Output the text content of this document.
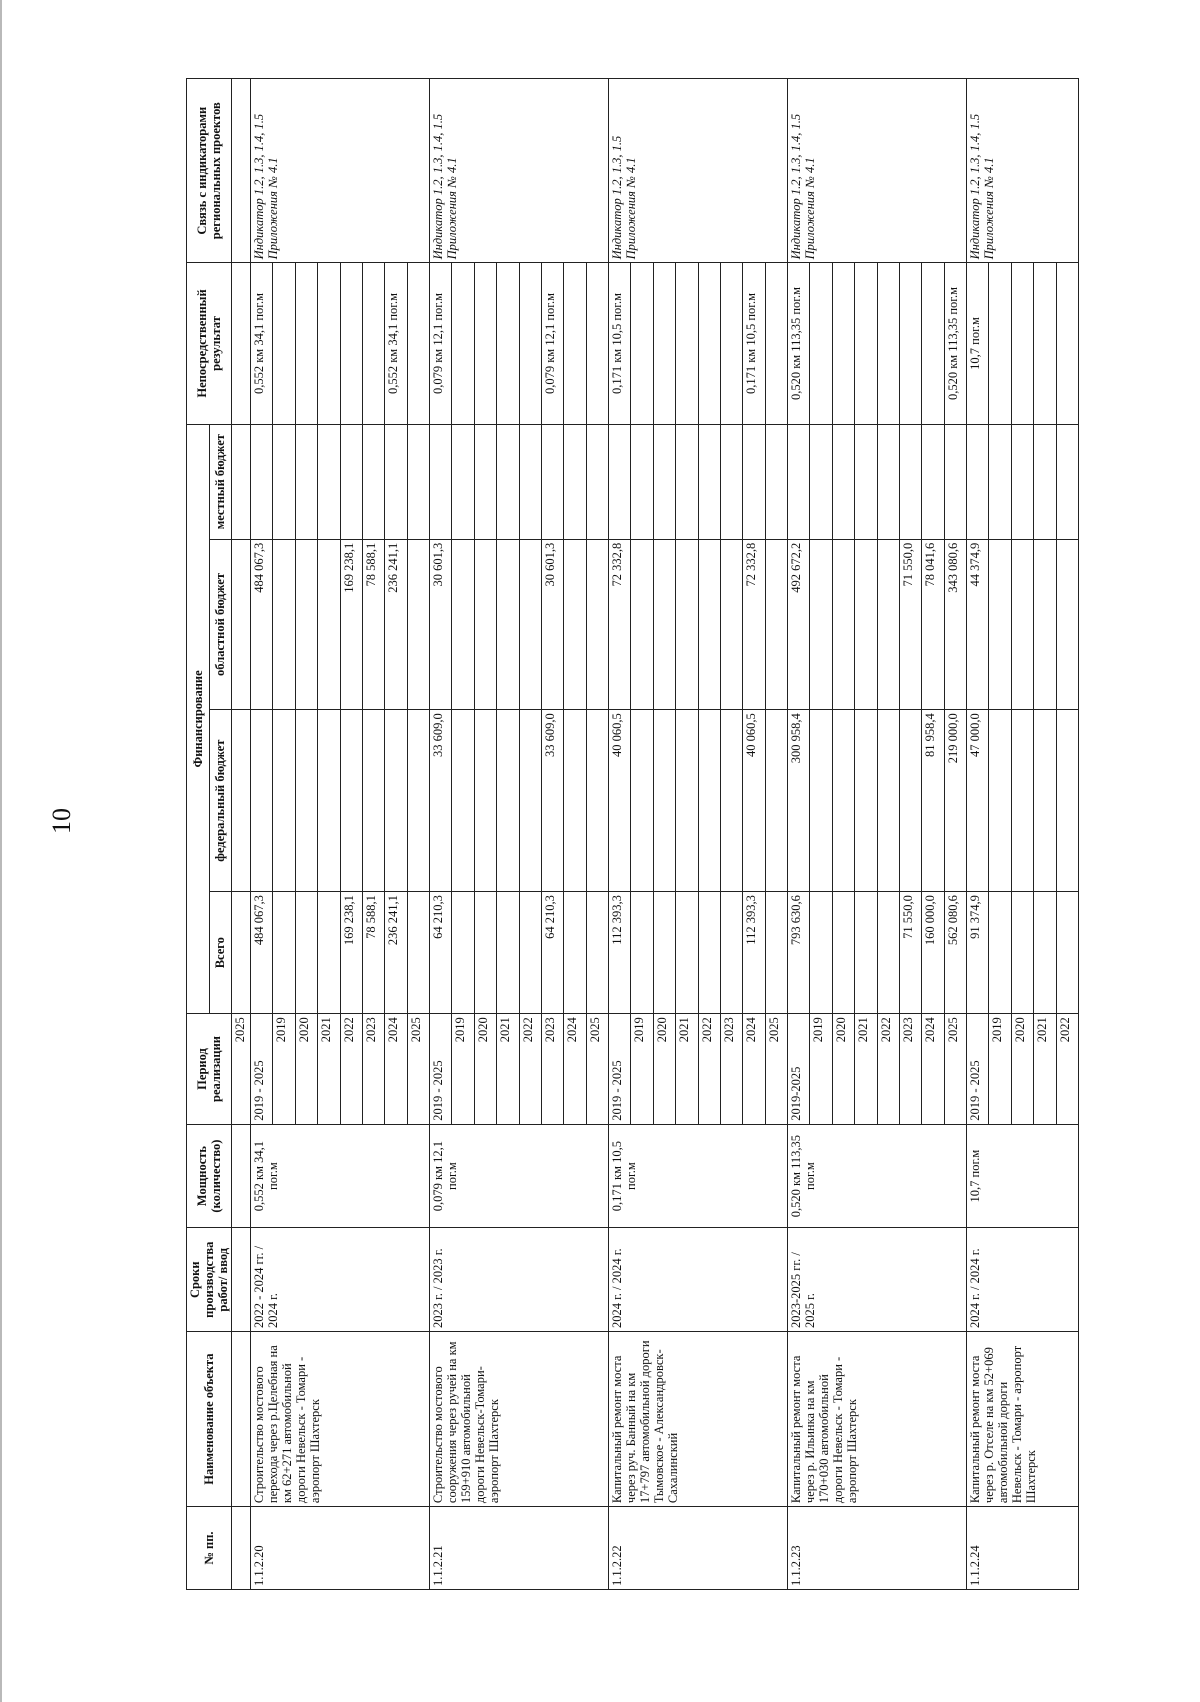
10
№ пп.	Наименование объекта	Сроки производства работ/ ввод	Мощность (количество)	Период реализации	Финансирование				Непосредственный результат	Связь с индикаторами региональных проектов
					Всего	федеральный бюджет	областной бюджет	местный бюджет		
				2025						
1.1.2.20	Строительство мостового перехода через р.Целебная на км 62+271 автомобильной дороги Невельск - Томари - аэропорт Шахтерск	2022 - 2024 гг. / 2024 г.	0,552 км 34,1 пог.м	2019 - 2025	484 067,3		484 067,3		0,552 км 34,1 пог.м	Индикатор 1.2, 1.3, 1.4, 1.5 Приложения № 4.1
				2019						
				2020						
				2021						
				2022	169 238,1		169 238,1			
				2023	78 588,1		78 588,1			
				2024	236 241,1		236 241,1		0,552 км 34,1 пог.м	
				2025						
1.1.2.21	Строительство мостового сооружения через ручей на км 159+910 автомобильной дороги Невельск-Томари-аэропорт Шахтерск	2023 г. / 2023 г.	0,079 км 12,1 пог.м	2019 - 2025	64 210,3	33 609,0	30 601,3		0,079 км 12,1 пог.м	Индикатор 1.2, 1.3, 1.4, 1.5 Приложения № 4.1
				2019						
				2020						
				2021						
				2022						
				2023	64 210,3	33 609,0	30 601,3		0,079 км 12,1 пог.м	
				2024						
				2025						
1.1.2.22	Капитальный ремонт моста через руч. Банный на км 17+797 автомобильной дороги Тымовское - Александровск-Сахалинский	2024 г. / 2024 г.	0,171 км 10,5 пог.м	2019 - 2025	112 393,3	40 060,5	72 332,8		0,171 км 10,5 пог.м	Индикатор 1.2, 1.3, 1.5 Приложения № 4.1
				2019						
				2020						
				2021						
				2022						
				2023						
				2024	112 393,3	40 060,5	72 332,8		0,171 км 10,5 пог.м	
				2025						
1.1.2.23	Капитальный ремонт моста через р. Ильинка на км 170+030 автомобильной дороги Невельск - Томари - аэропорт Шахтерск	2023-2025 гг. / 2025 г.	0,520 км 113,35 пог.м	2019-2025	793 630,6	300 958,4	492 672,2		0,520 км 113,35 пог.м	Индикатор 1.2, 1.3, 1.4, 1.5 Приложения № 4.1
				2019						
				2020						
				2021						
				2022						
				2023	71 550,0		71 550,0			
				2024	160 000,0	81 958,4	78 041,6			
				2025	562 080,6	219 000,0	343 080,6		0,520 км 113,35 пог.м	
1.1.2.24	Капитальный ремонт моста через р. Отселе на км 52+069 автомобильной дороги Невельск - Томари - аэропорт Шахтерск	2024 г. / 2024 г.	10,7 пог.м	2019 - 2025	91 374,9	47 000,0	44 374,9		10,7 пог.м	Индикатор 1.2, 1.3, 1.4, 1.5 Приложения № 4.1
				2019						
				2020						
				2021						
				2022						
